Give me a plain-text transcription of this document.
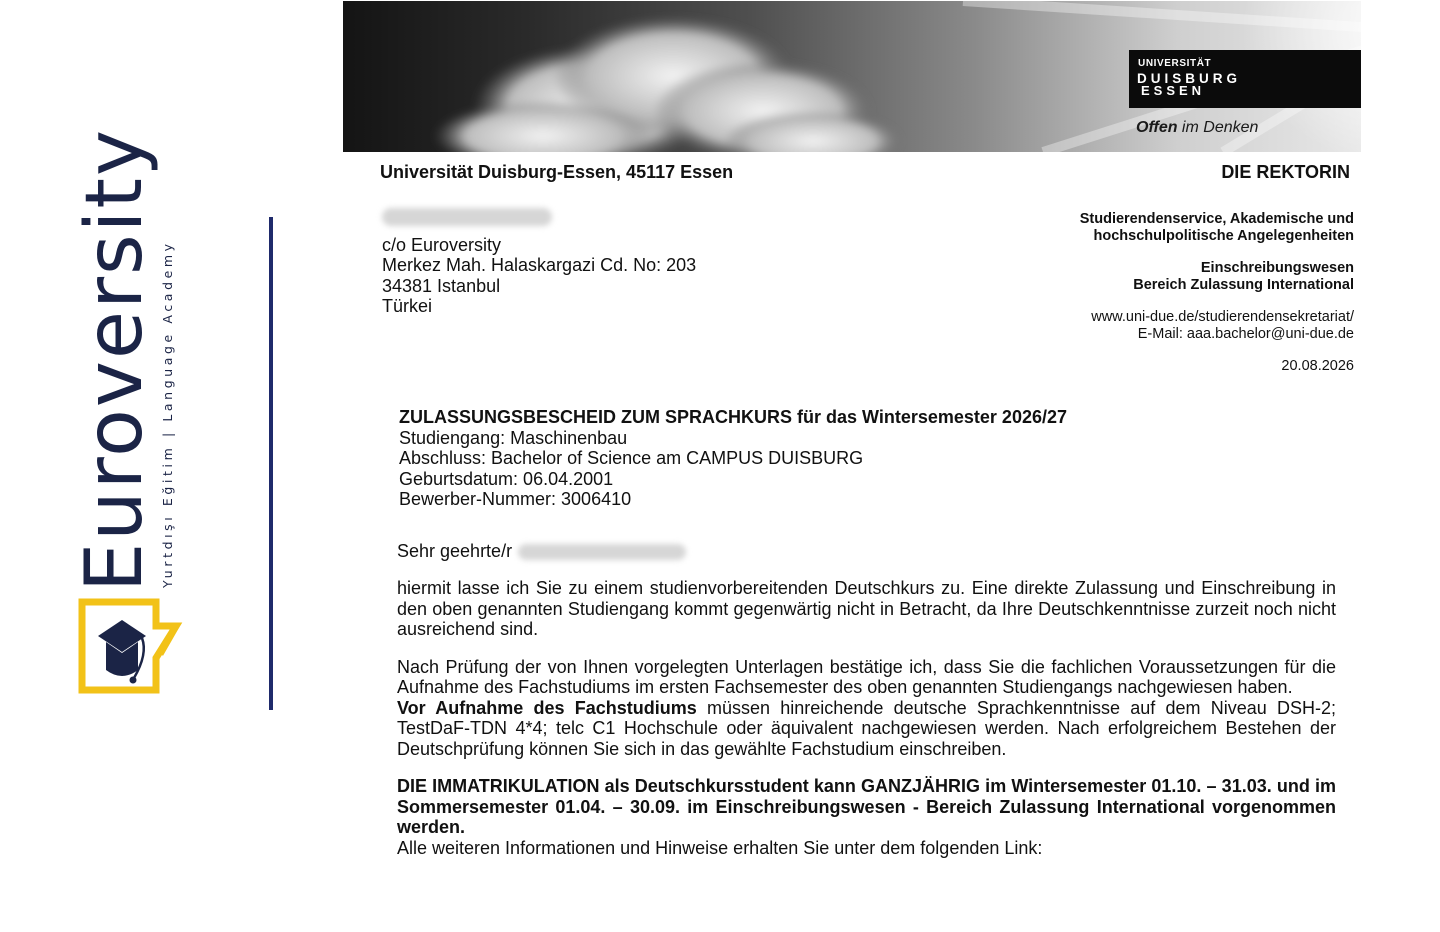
Euroversity Yurtdışı Eğitim | Language Academy
UNIVERSITÄT
DUISBURG
ESSEN
Offen im Denken
Universität Duisburg-Essen, 45117 Essen	DIE REKTORIN
c/o Euroversity
Merkez Mah. Halaskargazi Cd. No: 203
34381 Istanbul
Türkei
Studierendenservice, Akademische und
hochschulpolitische Angelegenheiten
Einschreibungswesen
Bereich Zulassung International
www.uni-due.de/studierendensekretariat/
E-Mail: aaa.bachelor@uni-due.de
20.08.2026
ZULASSUNGSBESCHEID ZUM SPRACHKURS für das Wintersemester 2026/27
Studiengang: Maschinenbau
Abschluss: Bachelor of Science am CAMPUS DUISBURG
Geburtsdatum: 06.04.2001
Bewerber-Nummer: 3006410
Sehr geehrte/r

hiermit lasse ich Sie zu einem studienvorbereitenden Deutschkurs zu. Eine direkte Zulassung und Einschreibung in den oben genannten Studiengang kommt gegenwärtig nicht in Betracht, da Ihre Deutschkenntnisse zurzeit noch nicht ausreichend sind.

Nach Prüfung der von Ihnen vorgelegten Unterlagen bestätige ich, dass Sie die fachlichen Voraussetzungen für die Aufnahme des Fachstudiums im ersten Fachsemester des oben genannten Studiengangs nachgewiesen haben.

Vor Aufnahme des Fachstudiums müssen hinreichende deutsche Sprachkenntnisse auf dem Niveau DSH-2; TestDaF-TDN 4*4; telc C1 Hochschule oder äquivalent nachgewiesen werden. Nach erfolgreichem Bestehen der Deutschprüfung können Sie sich in das gewählte Fachstudium einschreiben.

DIE IMMATRIKULATION als Deutschkursstudent kann GANZJÄHRIG im Wintersemester 01.10. – 31.03. und im Sommersemester 01.04. – 30.09. im Einschreibungswesen - Bereich Zulassung International vorgenommen werden.

Alle weiteren Informationen und Hinweise erhalten Sie unter dem folgenden Link:
